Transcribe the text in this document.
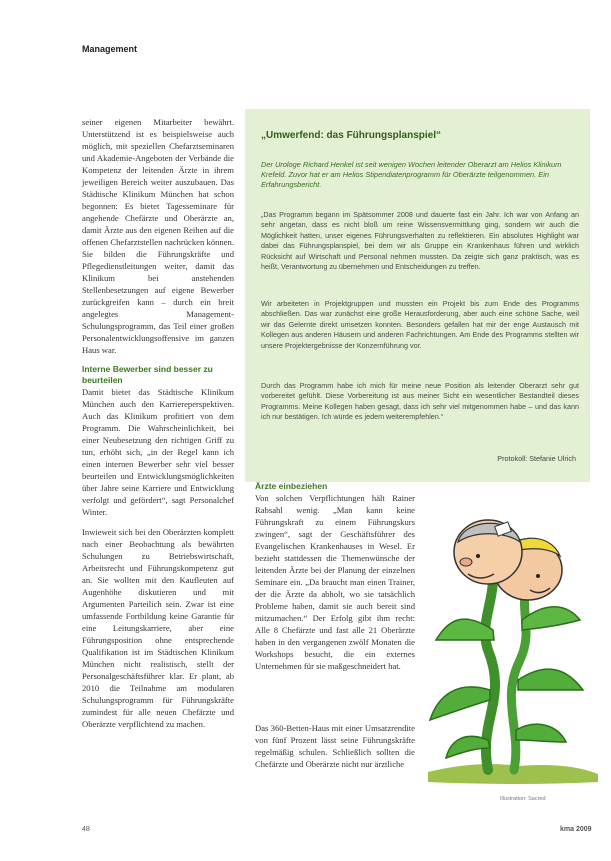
Management

seiner eigenen Mitarbeiter bewährt. Unterstützend ist es beispielsweise auch möglich, mit speziellen Chefarztseminaren und Akademie-Angeboten der Verbände die Kompetenz der leitenden Ärzte in ihrem jeweiligen Bereich weiter auszubauen. Das Städtische Klinikum München hat schon begonnen: Es bietet Tagesseminare für angehende Chefärzte und Oberärzte an, damit Ärzte aus den eigenen Reihen auf die offenen Chefarztstellen nachrücken können. Sie bilden die Führungskräfte und Pflegedienstleitungen weiter, damit das Klinikum bei anstehenden Stellenbesetzungen auf eigene Bewerber zurückgreifen kann – durch ein breit angelegtes Management-Schulungsprogramm, das Teil einer großen Personalentwicklungsoffensive im ganzen Haus war.

Interne Bewerber sind besser zu beurteilen

Damit bietet das Städtische Klinikum München auch den Karriereperspektiven. Auch das Klinikum profitiert von dem Programm. Die Wahrscheinlichkeit, bei einer Neubesetzung den richtigen Griff zu tun, erhöht sich, „in der Regel kann ich einen internen Bewerber sehr viel besser beurteilen und Entwicklungsmöglichkeiten über Jahre seine Karriere und Entwicklung verfolgt und gefördert“, sagt Personalchef Winter.

Inwieweit sich bei den Oberärzten komplett nach einer Beobachtung als bewährten Schulungen zu Betriebswirtschaft, Arbeitsrecht und Führungskompetenz gut an. Sie wollten mit den Kaufleuten auf Augenhöhe diskutieren und mit Argumenten Parteilich sein. Zwar ist eine umfassende Fortbildung keine Garantie für eine Leitungskarriere, aber eine Führungsposition ohne entsprechende Qualifikation ist im Städtischen Klinikum München nicht realistisch, stellt der Personalgeschäftsführer klar. Er plant, ab 2010 die Teilnahme am modularen Schulungsprogramm für Führungskräfte zumindest für alle neuen Chefärzte und Oberärzte verpflichtend zu machen.

„Umwerfend: das Führungsplanspiel“

Der Urologe Richard Henkel ist seit wenigen Wochen leitender Oberarzt am Helios Klinikum Krefeld. Zuvor hat er am Helios Stipendiatenprogramm für Oberärzte teilgenommen. Ein Erfahrungsbericht.

„Das Programm begann im Spätsommer 2008 und dauerte fast ein Jahr. Ich war von Anfang an sehr angetan, dass es nicht bloß um reine Wissensvermittlung ging, sondern wir auch die Möglichkeit hatten, unser eigenes Führungsverhalten zu reflektieren. Ein absolutes Highlight war dabei das Führungsplanspiel, bei dem wir als Gruppe ein Krankenhaus führen und wirklich Rücksicht auf Wirtschaft und Personal nehmen mussten. Da zeigte sich ganz praktisch, was es heißt, Verantwortung zu übernehmen und Entscheidungen zu treffen.

Wir arbeiteten in Projektgruppen und mussten ein Projekt bis zum Ende des Programms abschließen. Das war zunächst eine große Herausforderung, aber auch eine schöne Sache, weil wir das Gelernte direkt umsetzen konnten. Besonders gefallen hat mir der enge Austausch mit Kollegen aus anderen Häusern und anderen Fachrichtungen. Am Ende des Programms stellten wir unsere Projektergebnisse der Konzernführung vor.

Durch das Programm habe ich mich für meine neue Position als leitender Oberarzt sehr gut vorbereitet gefühlt. Diese Vorbereitung ist aus meiner Sicht ein wesentlicher Bestandteil dieses Programms. Meine Kollegen haben gesagt, dass ich sehr viel mitgenommen habe – und das kann ich nur bestätigen. Ich würde es jedem weiterempfehlen.“

Protokoll: Stefanie Ulrich
Ärzte einbeziehen

Von solchen Verpflichtungen hält Rainer Rabsahl wenig. „Man kann keine Führungskraft zu einem Führungskurs zwingen“, sagt der Geschäftsführer des Evangelischen Krankenhauses in Wesel. Er bezieht stattdessen die Themenwünsche der leitenden Ärzte bei der Planung der einzelnen Seminare ein. „Da braucht man einen Trainer, der die Ärzte da abholt, wo sie tatsächlich Probleme haben, damit sie auch bereit sind mitzumachen.“ Der Erfolg gibt ihm recht: Alle 8 Chefärzte und fast alle 21 Oberärzte haben in den vergangenen zwölf Monaten die Workshops besucht, die ein externes Unternehmen für sie maßgeschneidert hat.

Das 360-Betten-Haus mit einer Umsatzrendite von fünf Prozent lässt seine Führungskräfte regelmäßig schulen. Schließlich sollten die Chefärzte und Oberärzte nicht nur ärztliche

Illustration: Sacred
48	kma 2009
